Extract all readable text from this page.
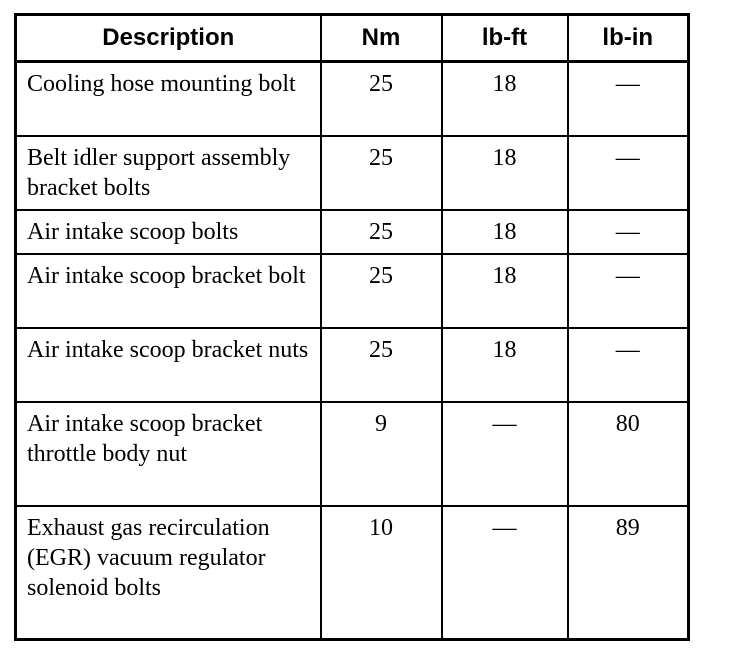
Description	Nm	lb-ft	lb-in
Cooling hose mounting bolt	25	18	—
Belt idler support assembly bracket bolts	25	18	—
Air intake scoop bolts	25	18	—
Air intake scoop bracket bolt	25	18	—
Air intake scoop bracket nuts	25	18	—
Air intake scoop bracket throttle body nut	9	—	80
Exhaust gas recirculation (EGR) vacuum regulator solenoid bolts	10	—	89
